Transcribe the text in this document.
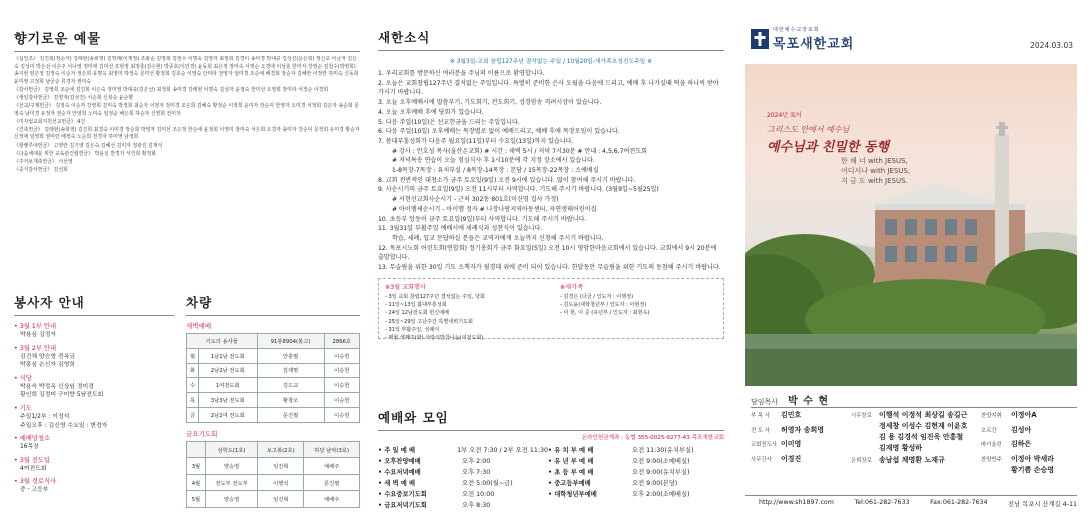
향기로운 예물
《십일조》 김진희(정순자) 강래현(송희영) 김영래(이재정) 조화순 김영희 김현수 이명숙 김영자 최정희 김경이 송미경 박대규 김성진(문은희) 정신호 이금자 김은숙 김성미 박은선 이은주 이나영 정미애 김미선 조현정 최정훈(김수현) 박종호(이민경) 윤동희 최은정 장미숙 서영순 오경애 이상훈 한미자 강영순 김철수(박영희) 송지현 양은정 김정숙 이순자 정은희 유명옥 최영미 박정숙 문미선 황정희 김효순 이영숙 안미라 전영자 임미경 조순애 배경희 장순자 김혜란 이정란 하미숙 신동희 윤미영 고정희 남궁순 류경자 권미숙
《감사헌금》 김영희 조순애 김진희 이은숙 정미영 박대규(김은선) 최정희 송미경 강래현 이명숙 김성자 윤정숙 한미선 오영희 장미라 서정순 이경희
《생일감사헌금》 김영자(김성진) 서순희 신복순 윤순향
《선교/구제헌금》 김정숙 이순자 강영희 김미숙 박정희 최순자 이영자 정미경 조은희 김혜숙 황정순 이정희 윤미자 장순덕 한영자 오미경 서정희 김은자 송순희 문영숙 남미경 유정자 권순자 안영희 노미숙 임정순 배은희 하순자 신영희 전미자
《미자립교회지원선교헌금》 4건
《건축헌금》 김래현(송희영) 김진희 최경숙 이미경 정순희 박영자 김미선 조은정 한순애 윤정희 이영미 장미숙 서은희 오경자 송미자 강순덕 문정희 유미경 황순자 신정애 임영희 권미란 배정숙 노순희 전경자 하미영 남정희
《할렐루야헌금》 고영란 김기영 김은숙 김혜선 김미자 정광진 김재석
《다음세대를 위한 교육관건립헌금》 박윤실 반경자 서인희 황정화
《주거보재축헌금》 서선영
《중식감사헌금》 김선희
봉사자 안내
• 3월 1부 안내
박용심 김정자
• 3월 2부 안내
김진채 양승영 전옥금
박흥심 손신자 김영희
• 식당
박용숙 박정옥 신상임 정미경
황인희 김정미 구미향 5남전도회
• 기도
주일1/2부 : 이정석
주일오후 : 김신영 수요일 : 변경자
• 예배당청소
16목장
• 3월 전도팀
4여전도회
• 3월 경로식사
중ㆍ고등부
차량
새벽예배
기도의 용사들		91봉8904(봉고)	2866호
월	1남1남 전도회	안충필	이승헌
화	2남2남 전도회	김재명	이승헌
수	1여전도회	김드교	이승헌
목	3남3남 전도회	황창오	이승헌
금	2남2여 전도회	문진필	이승헌
금요기도회
	삼학도(1호)	보고봉(2호)	하당 남악(3호)
3월	양승영	임진혁	예배주
4월	전도부 전도부	이행석	문진필
5월	양승영	임진혁	예배주
새한소식
※ 3월3일-교회 창립127주년 결석없는 주일 / 10월20일-새가족초청전도주일 ※
1. 우리교회를 방문하신 여러분을 주님의 이름으로 환영합니다.
2. 오늘은 교회창립127주년 결석없는 주일입니다. 특별히 준비한 은사 오월을 다음에 드리고, 예배 후 나가실때 떡을 하나씩 받아 가시기 바랍니다.
3. 오늘 오후예배시에 말씀부기, 기도회기, 전도회기, 성경암송 격려시상이 있습니다.
4. 오늘 오후예배 후에 당회가 있습니다.
5. 다음 주일(10일)은 선교헌금을 드리는 주일입니다.
6. 다음 주일(10일) 오후예배는 목장별로 없이 예배드리고, 예배 후에 목장모임이 있습니다.
7. 봄대부흥성회가 다음주 월요일(11일)부터 수요일(13일)까지 있습니다.
# 강사 : 안호성 목사(울산온교회) # 시간 : 새벽 5시 / 저녁 7시30분 # 안내 : 4,5,6,7여전도회
# 저녁특송 연습이 오늘 점심식사 후 1시10분에 각 지정 장소에서 있습니다.
1-8목장-7목장 : 유치부실 / 8목장-14목장 : 본당 / 15목장-22목장 : 소예배실
8. 교회 전반적인 대청소가 금주 토요일(9일) 오전 9시에 있습니다. 많이 참여해 주시기 바랍니다.
9. 사순시기의 금주 토요일(9일) 오전 11시부터 사역합니다. 기도해 주시기 바랍니다. (3월9일~5월25일)
# 서현신교회사순시기 - 근처 302동 801호(이신영 집사 가정)
# 아이엠새순시기 - 아이엠 정자 # 나장나랑지역아동센터, 자연생태어린이집
10. 초등부 앙동이 금주 토요일(9일)부터 사역합니다. 기도해 주시기 바랍니다.
11. 3월31일 부활주일 예배시에 세례식과 성찬식이 있습니다.
학습, 세례, 입교 문답하실 분들은 교역자에게 오늘까지 신청해 주시기 바랍니다.
12. 목포시노회 어린도회(연합회) 정기총회가 금주 화요일(5일) 오전 10시 영암한마음교회에서 있습니다. 교회에서 9시 20분에 출발합니다.
13. 무슬림을 위한 30일 기도 소책자가 필경대 위에 준비 되어 있습니다. 한달동안 무슬림을 위한 기도의 동참해 주시기 바랍니다.
※3월 교회행사
- 3일 교회 창립127주년 결석없는 주일, 당회
- 11일~13일 봄대부흥성회
- 24일 12남전도회 헌신예배
- 25일~29일 고난주간 특별새벽기도회
- 31일 부활주일, 성례식
- 매월 셋째주(화) 사랑의반찬나눔(여전도회)
※새가족
- 김경은 (다금 / 인도자 : 이행정)
- 김도윤(대학청년부 / 인도자 : 이현정)
- 이 현, 이 준 (유년부 / 인도자 : 최현옥)
예배와 모임
온라인헌금계좌 : 농협 355-0025-9277-43 목포새한교회
• 주 일 예 배	1부 오전 7:30 / 2부 오전 11:30
• 오후찬양예배	오후 2:00
• 수요저녁예배	오후 7:30
• 새 벽 예 배	오전 5:00(월~금)
• 수요중보기도회	오전 10:00
• 금요저녁기도회	오후 8:30
• 유 치 부 예 배	오전 11:30(유치부실)
• 유 년 부 예 배	오전 9:00(소예배실)
• 초 등 부 예 배	오전 9:00(유치부실)
• 중고등부예배	오전 9:00(본당)
• 대학청년부예배	오후 2:00(소예배실)
대한예수교장로회
목포새한교회	2024.03.03
2024년 표어
그리스도 안에서 예수님
예수님과 친밀한 동행
한 해 너 with JESUS,
어디서나 with JESUS,
지 금 도 with JESUS.
담임목사 박 수 현
부 목 사	김민호
전 도 사	허영자 송희영
교회전도사 이미영
사무간사	이경진
시무장로	이행석 이정석 최상길 송길근
정세창 이성수 김현재 이윤호
김 용 김경석 임진욱 안흥철
김재명 황성하
은퇴장로	송남섭 채명환 노재규
찬양지휘	이정아A
오르간	김성아
바이올린	김하은
찬양반주	이정아 박세라
황기쁨 손승영
http://www.sh1897.com	Tel:061-282-7633	Fax:061-282-7634	전남 목포시 산계길 4-11
